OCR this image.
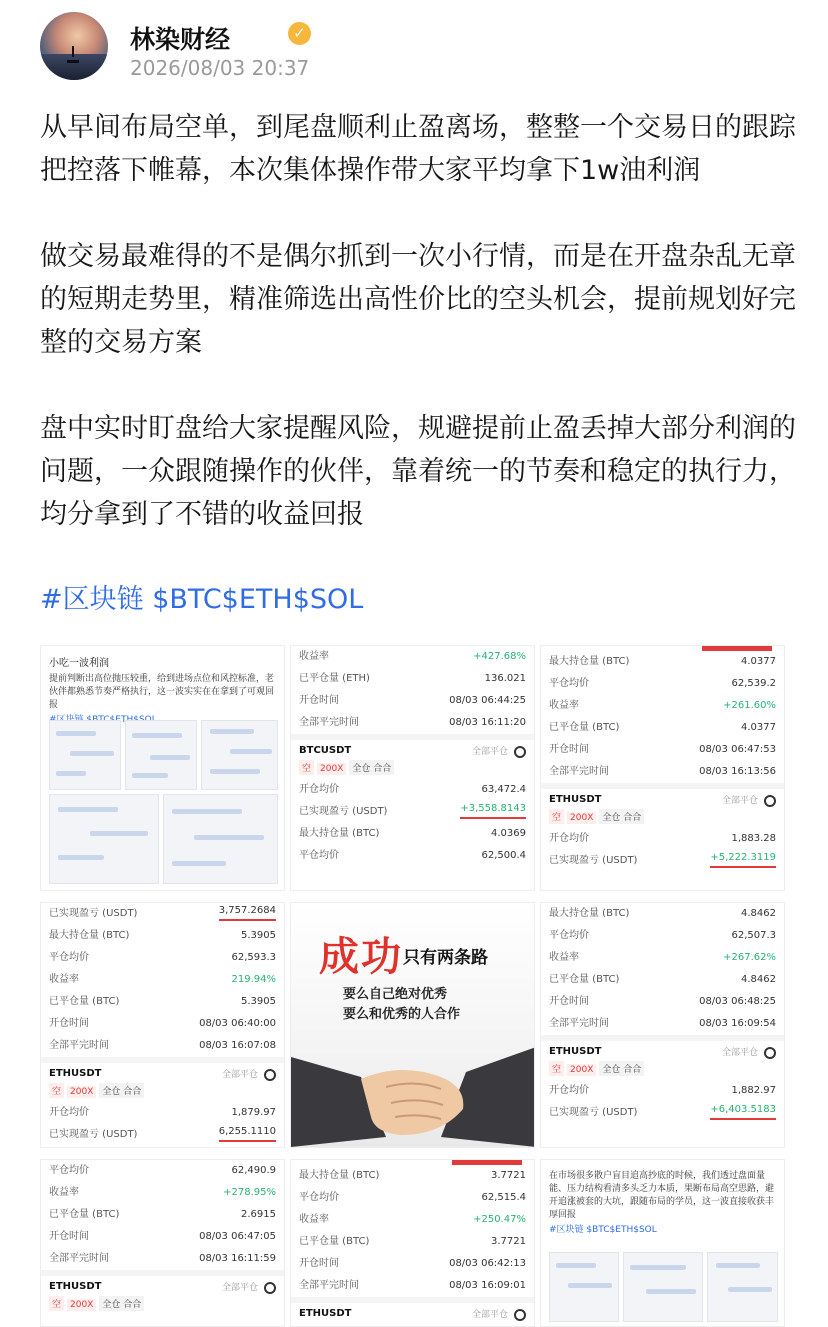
林染财经	✓
2026/08/03 20:37

从早间布局空单，到尾盘顺利止盈离场，整整一个交易日的跟踪把控落下帷幕，本次集体操作带大家平均拿下1w油利润

做交易最难得的不是偶尔抓到一次小行情，而是在开盘杂乱无章的短期走势里，精准筛选出高性价比的空头机会，提前规划好完整的交易方案

盘中实时盯盘给大家提醒风险，规避提前止盈丢掉大部分利润的问题，一众跟随操作的伙伴，靠着统一的节奏和稳定的执行力，均分拿到了不错的收益回报

#区块链 $BTC$ETH$SOL
小吃一波利润
提前判断出高位抛压较重，给到进场点位和风控标准，老伙伴都熟悉节奏严格执行，这一波实实在在拿到了可观回报
$BTC$ETH$SOL
收益率	+427.68%
已平仓量 (ETH)	136.021
开仓时间	08/03 06:44:25
全部平完时间	08/03 16:11:20
BTCUSDT	全部平仓
空 200X 全仓 合合
开仓均价	63,472.4
已实现盈亏 (USDT)	+3,558.8143
最大持仓量 (BTC)	4.0369
平仓均价	62,500.4
最大持仓量 (BTC)	4.0377
平仓均价	62,539.2
收益率	+261.60%
已平仓量 (BTC)	4.0377
开仓时间	08/03 06:47:53
全部平完时间	08/03 16:13:56
ETHUSDT	全部平仓
空 200X 全仓 合合
开仓均价	1,883.28
已实现盈亏 (USDT)	+5,222.3119
已实现盈亏 (USDT)	3,757.2684
最大持仓量 (BTC)	5.3905
平仓均价	62,593.3
收益率	219.94%
已平仓量 (BTC)	5.3905
开仓时间	08/03 06:40:00
全部平完时间	08/03 16:07:08
ETHUSDT	全部平仓
空 200X 全仓 合合
开仓均价	1,879.97
已实现盈亏 (USDT)	6,255.1110
成功 只有两条路
要么自己绝对优秀
要么和优秀的人合作
最大持仓量 (BTC)	4.8462
平仓均价	62,507.3
收益率	+267.62%
已平仓量 (BTC)	4.8462
开仓时间	08/03 06:48:25
全部平完时间	08/03 16:09:54
ETHUSDT	全部平仓
空 200X 全仓 合合
开仓均价	1,882.97
已实现盈亏 (USDT)	+6,403.5183
平仓均价	62,490.9
收益率	+278.95%
已平仓量 (BTC)	2.6915
开仓时间	08/03 06:47:05
全部平完时间	08/03 16:11:59
ETHUSDT	全部平仓
空 200X 全仓 合合
最大持仓量 (BTC)	3.7721
平仓均价	62,515.4
收益率	+250.47%
已平仓量 (BTC)	3.7721
开仓时间	08/03 06:42:13
全部平完时间	08/03 16:09:01
ETHUSDT	全部平仓
在市场很多散户盲目追高抄底的时候，我们透过盘面量能、压力结构看清多头乏力本质，果断布局高空思路，避开追涨被套的大坑，跟随布局的学员，这一波直接收获丰厚回报
#区块链 $BTC$ETH$SOL
